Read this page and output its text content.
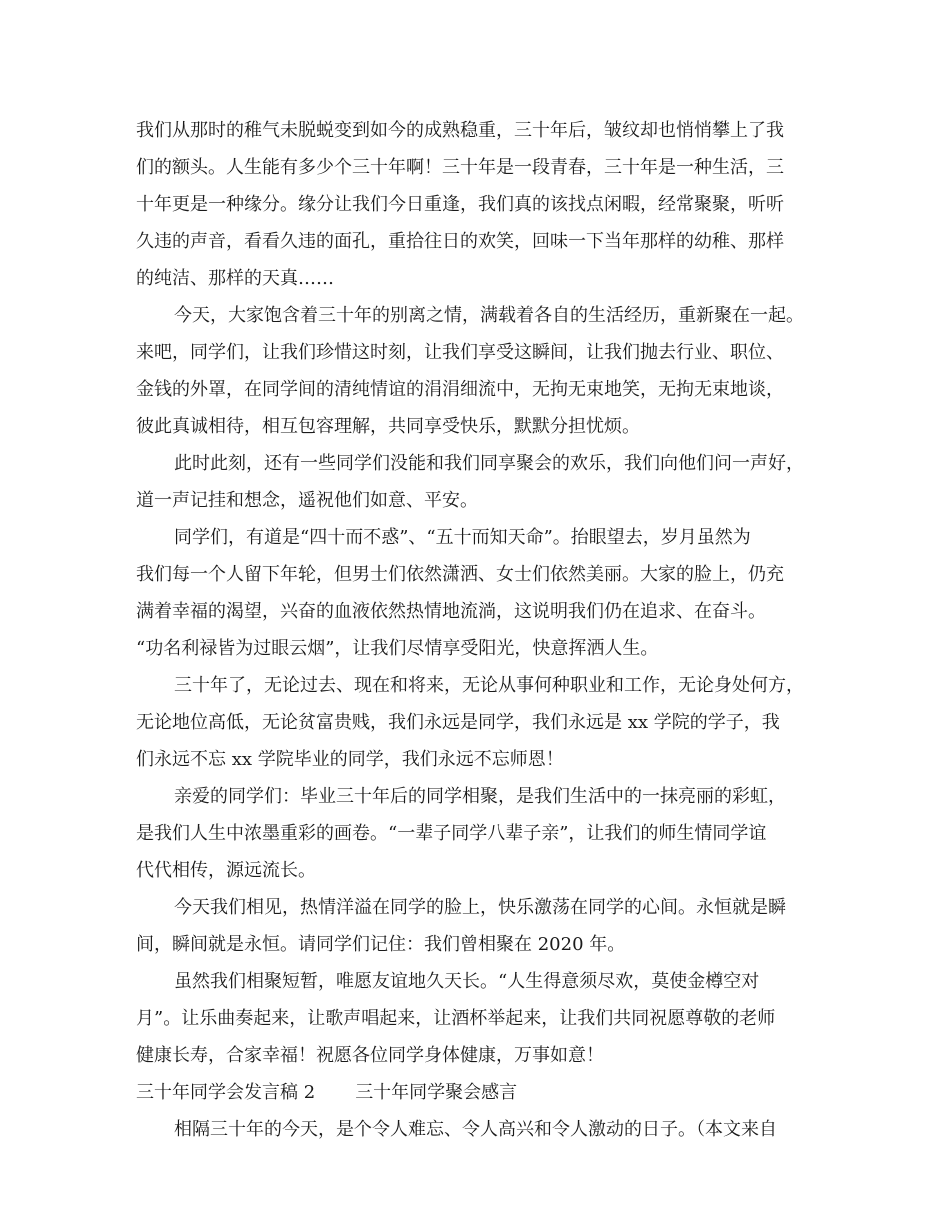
我们从那时的稚气未脱蜕变到如今的成熟稳重，三十年后，皱纹却也悄悄攀上了我
们的额头。人生能有多少个三十年啊！三十年是一段青春，三十年是一种生活，三
十年更是一种缘分。缘分让我们今日重逢，我们真的该找点闲暇，经常聚聚，听听
久违的声音，看看久违的面孔，重拾往日的欢笑，回味一下当年那样的幼稚、那样
的纯洁、那样的天真……
今天，大家饱含着三十年的别离之情，满载着各自的生活经历，重新聚在一起。
来吧，同学们，让我们珍惜这时刻，让我们享受这瞬间，让我们抛去行业、职位、
金钱的外罩，在同学间的清纯情谊的涓涓细流中，无拘无束地笑，无拘无束地谈，
彼此真诚相待，相互包容理解，共同享受快乐，默默分担忧烦。
此时此刻，还有一些同学们没能和我们同享聚会的欢乐，我们向他们问一声好，
道一声记挂和想念，遥祝他们如意、平安。
同学们，有道是“四十而不惑”、“五十而知天命”。抬眼望去，岁月虽然为
我们每一个人留下年轮，但男士们依然潇洒、女士们依然美丽。大家的脸上，仍充
满着幸福的渴望，兴奋的血液依然热情地流淌，这说明我们仍在追求、在奋斗。
“功名利禄皆为过眼云烟”，让我们尽情享受阳光，快意挥洒人生。
三十年了，无论过去、现在和将来，无论从事何种职业和工作，无论身处何方，
无论地位高低，无论贫富贵贱，我们永远是同学，我们永远是 xx 学院的学子，我
们永远不忘 xx 学院毕业的同学，我们永远不忘师恩！
亲爱的同学们：毕业三十年后的同学相聚，是我们生活中的一抹亮丽的彩虹，
是我们人生中浓墨重彩的画卷。“一辈子同学八辈子亲”，让我们的师生情同学谊
代代相传，源远流长。
今天我们相见，热情洋溢在同学的脸上，快乐激荡在同学的心间。永恒就是瞬
间，瞬间就是永恒。请同学们记住：我们曾相聚在 2020 年。
虽然我们相聚短暂，唯愿友谊地久天长。“人生得意须尽欢，莫使金樽空对
月”。让乐曲奏起来，让歌声唱起来，让酒杯举起来，让我们共同祝愿尊敬的老师
健康长寿，合家幸福！祝愿各位同学身体健康，万事如意！
三十年同学会发言稿 2 三十年同学聚会感言
相隔三十年的今天，是个令人难忘、令人高兴和令人激动的日子。（本文来自
